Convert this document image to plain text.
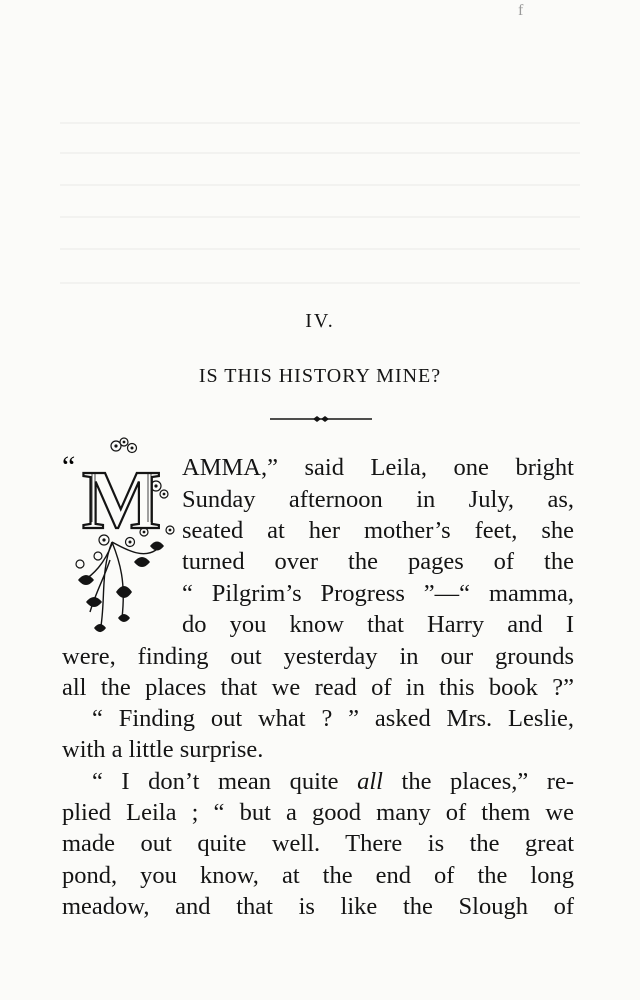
f
IV.
IS THIS HISTORY MINE?
“ M AMMA,” said Leila, one bright
Sunday afternoon in July, as,
seated at her mother’s feet, she
turned over the pages of the
“ Pilgrim’s Progress ”—“ mamma,
do you know that Harry and I
were, finding out yesterday in our grounds
all the places that we read of in this book ?”
“ Finding out what ? ” asked Mrs. Leslie,
with a little surprise.
“ I don’t mean quite all the places,” re-
plied Leila ; “ but a good many of them we
made out quite well. There is the great
pond, you know, at the end of the long
meadow, and that is like the Slough of
